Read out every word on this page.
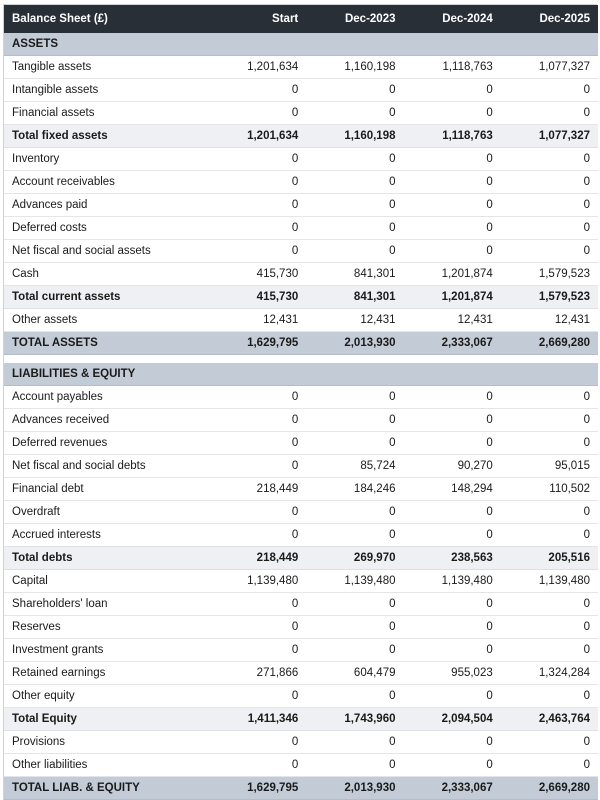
Balance Sheet (£)	Start	Dec-2023	Dec-2024	Dec-2025
ASSETS				
Tangible assets	1,201,634	1,160,198	1,118,763	1,077,327
Intangible assets	0	0	0	0
Financial assets	0	0	0	0
Total fixed assets	1,201,634	1,160,198	1,118,763	1,077,327
Inventory	0	0	0	0
Account receivables	0	0	0	0
Advances paid	0	0	0	0
Deferred costs	0	0	0	0
Net fiscal and social assets	0	0	0	0
Cash	415,730	841,301	1,201,874	1,579,523
Total current assets	415,730	841,301	1,201,874	1,579,523
Other assets	12,431	12,431	12,431	12,431
TOTAL ASSETS	1,629,795	2,013,930	2,333,067	2,669,280

LIABILITIES & EQUITY				
Account payables	0	0	0	0
Advances received	0	0	0	0
Deferred revenues	0	0	0	0
Net fiscal and social debts	0	85,724	90,270	95,015
Financial debt	218,449	184,246	148,294	110,502
Overdraft	0	0	0	0
Accrued interests	0	0	0	0
Total debts	218,449	269,970	238,563	205,516
Capital	1,139,480	1,139,480	1,139,480	1,139,480
Shareholders' loan	0	0	0	0
Reserves	0	0	0	0
Investment grants	0	0	0	0
Retained earnings	271,866	604,479	955,023	1,324,284
Other equity	0	0	0	0
Total Equity	1,411,346	1,743,960	2,094,504	2,463,764
Provisions	0	0	0	0
Other liabilities	0	0	0	0
TOTAL LIAB. & EQUITY	1,629,795	2,013,930	2,333,067	2,669,280
